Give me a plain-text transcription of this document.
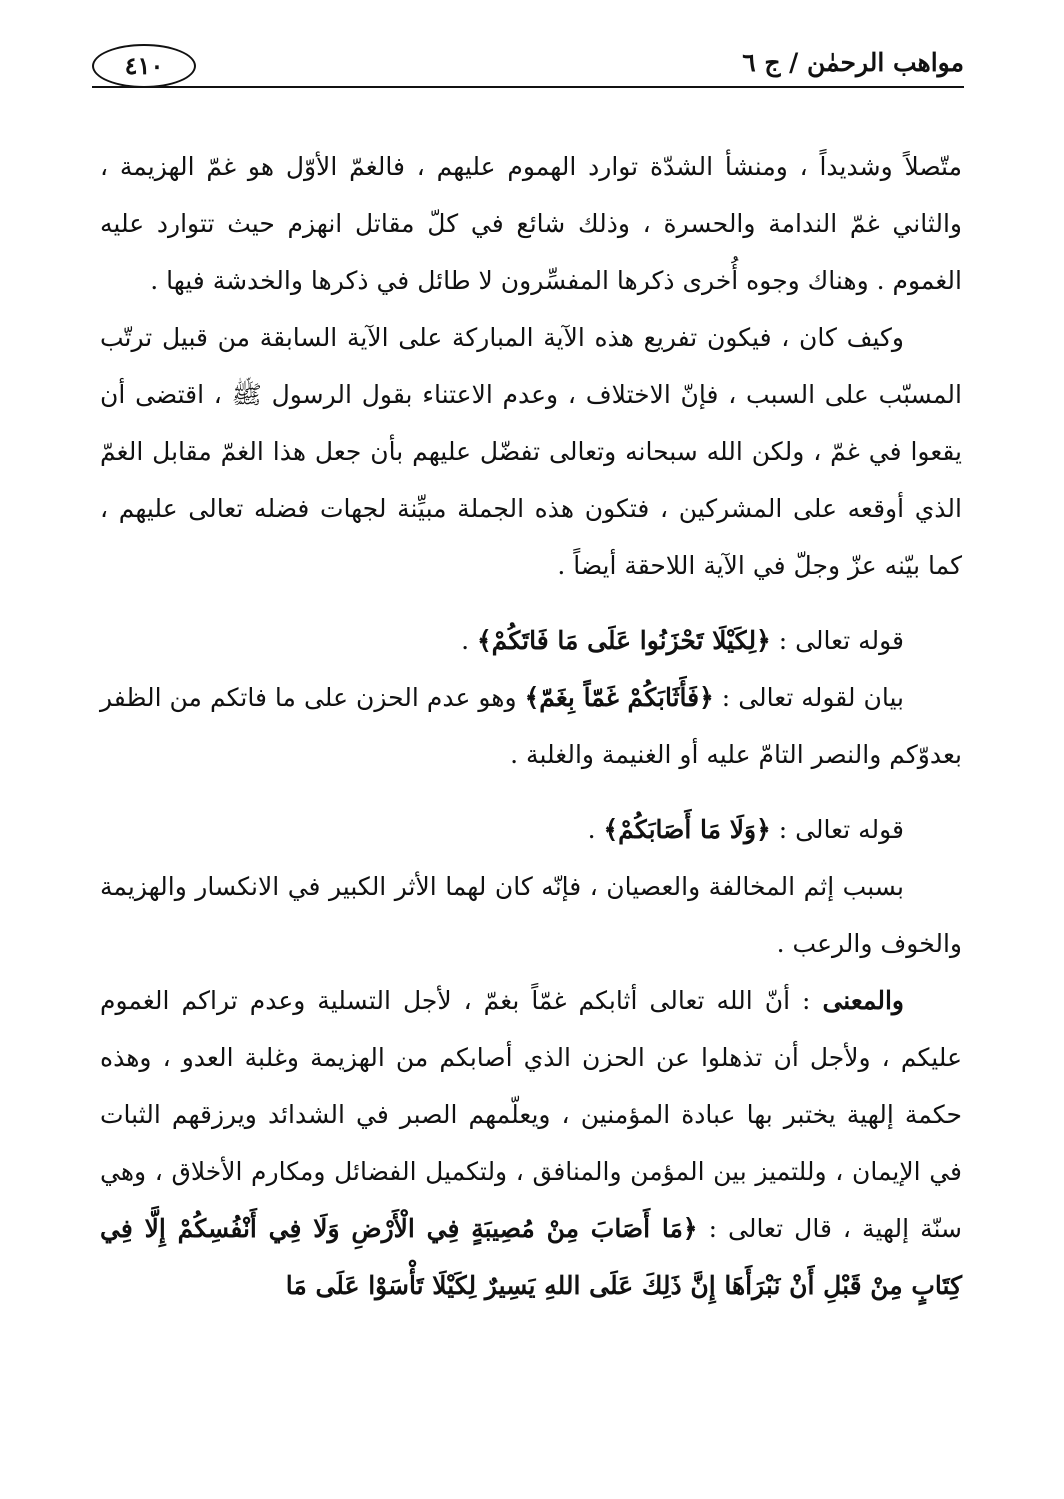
مواهب الرحمٰن / ج ٦
٤١٠

متّصلاً وشديداً ، ومنشأ الشدّة توارد الهموم عليهم ، فالغمّ الأوّل هو غمّ الهزيمة ، والثاني غمّ الندامة والحسرة ، وذلك شائع في كلّ مقاتل انهزم حيث تتوارد عليه الغموم . وهناك وجوه أُخرى ذكرها المفسِّرون لا طائل في ذكرها والخدشة فيها .

وكيف كان ، فيكون تفريع هذه الآية المباركة على الآية السابقة من قبيل ترتّب المسبّب على السبب ، فإنّ الاختلاف ، وعدم الاعتناء بقول الرسول ﷺ ، اقتضى أن يقعوا في غمّ ، ولكن الله سبحانه وتعالى تفضّل عليهم بأن جعل هذا الغمّ مقابل الغمّ الذي أوقعه على المشركين ، فتكون هذه الجملة مبيِّنة لجهات فضله تعالى عليهم ، كما بيّنه عزّ وجلّ في الآية اللاحقة أيضاً .

قوله تعالى : ﴿لِكَيْلَا تَحْزَنُوا عَلَى مَا فَاتَكُمْ﴾ .

بيان لقوله تعالى : ﴿فَأَثَابَكُمْ غَمّاً بِغَمّ﴾ وهو عدم الحزن على ما فاتكم من الظفر بعدوّكم والنصر التامّ عليه أو الغنيمة والغلبة .

قوله تعالى : ﴿وَلَا مَا أَصَابَكُمْ﴾ .

بسبب إثم المخالفة والعصيان ، فإنّه كان لهما الأثر الكبير في الانكسار والهزيمة والخوف والرعب .

والمعنى : أنّ الله تعالى أثابكم غمّاً بغمّ ، لأجل التسلية وعدم تراكم الغموم عليكم ، ولأجل أن تذهلوا عن الحزن الذي أصابكم من الهزيمة وغلبة العدو ، وهذه حكمة إلهية يختبر بها عبادة المؤمنين ، ويعلّمهم الصبر في الشدائد ويرزقهم الثبات في الإيمان ، وللتميز بين المؤمن والمنافق ، ولتكميل الفضائل ومكارم الأخلاق ، وهي سنّة إلهية ، قال تعالى : ﴿مَا أَصَابَ مِنْ مُصِيبَةٍ فِي الْأَرْضِ وَلَا فِي أَنْفُسِكُمْ إِلَّا فِي كِتَابٍ مِنْ قَبْلِ أَنْ نَبْرَأَهَا إِنَّ ذَلِكَ عَلَى اللهِ يَسِيرٌ لِكَيْلَا تَأْسَوْا عَلَى مَا
